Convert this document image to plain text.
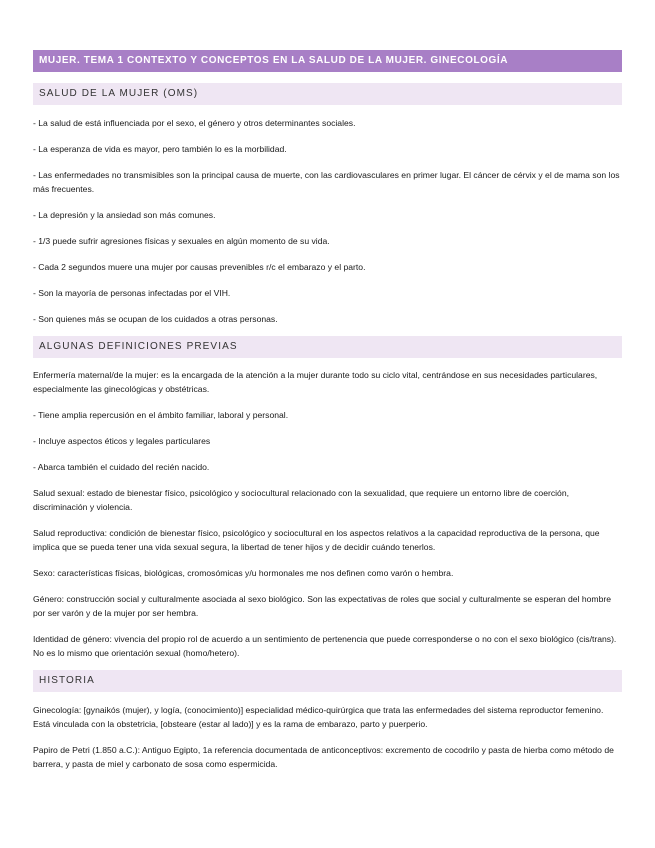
MUJER. TEMA 1 CONTEXTO Y CONCEPTOS EN LA SALUD DE LA MUJER. GINECOLOGÍA
SALUD DE LA MUJER (OMS)

- La salud de está influenciada por el sexo, el género y otros determinantes sociales.

- La esperanza de vida es mayor, pero también lo es la morbilidad.

- Las enfermedades no transmisibles son la principal causa de muerte, con las cardiovasculares en primer lugar. El cáncer de cérvix y el de mama son los más frecuentes.

- La depresión y la ansiedad son más comunes.

- 1/3 puede sufrir agresiones físicas y sexuales en algún momento de su vida.

- Cada 2 segundos muere una mujer por causas prevenibles r/c el embarazo y el parto.

- Son la mayoría de personas infectadas por el VIH.

- Son quienes más se ocupan de los cuidados a otras personas.

ALGUNAS DEFINICIONES PREVIAS

Enfermería maternal/de la mujer: es la encargada de la atención a la mujer durante todo su ciclo vital, centrándose en sus necesidades particulares, especialmente las ginecológicas y obstétricas.

- Tiene amplia repercusión en el ámbito familiar, laboral y personal.

- Incluye aspectos éticos y legales particulares

- Abarca también el cuidado del recién nacido.

Salud sexual: estado de bienestar físico, psicológico y sociocultural relacionado con la sexualidad, que requiere un entorno libre de coerción, discriminación y violencia.

Salud reproductiva: condición de bienestar físico, psicológico y sociocultural en los aspectos relativos a la capacidad reproductiva de la persona, que implica que se pueda tener una vida sexual segura, la libertad de tener hijos y de decidir cuándo tenerlos.

Sexo: características físicas, biológicas, cromosómicas y/u hormonales me nos definen como varón o hembra.

Género: construcción social y culturalmente asociada al sexo biológico. Son las expectativas de roles que social y culturalmente se esperan del hombre por ser varón y de la mujer por ser hembra.

Identidad de género: vivencia del propio rol de acuerdo a un sentimiento de pertenencia que puede corresponderse o no con el sexo biológico (cis/trans). No es lo mismo que orientación sexual (homo/hetero).

HISTORIA

Ginecología: [gynaikós (mujer), y logía, (conocimiento)] especialidad médico-quirúrgica que trata las enfermedades del sistema reproductor femenino. Está vinculada con la obstetricia, [obsteare (estar al lado)] y es la rama de embarazo, parto y puerperio.

Papiro de Petri (1.850 a.C.): Antiguo Egipto, 1a referencia documentada de anticonceptivos: excremento de cocodrilo y pasta de hierba como método de barrera, y pasta de miel y carbonato de sosa como espermicida.
